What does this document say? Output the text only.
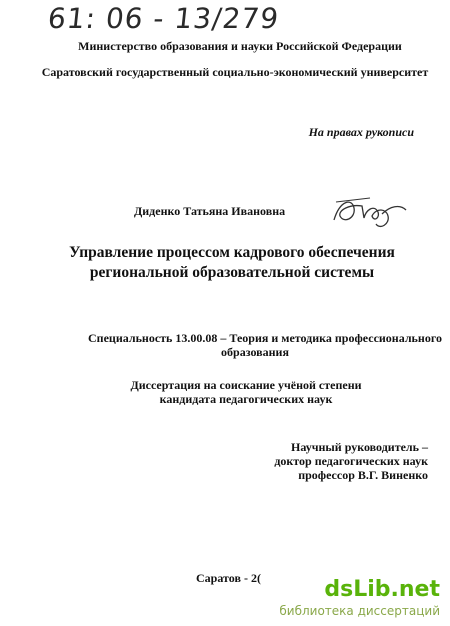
61: 06 - 13/279
Министерство образования и науки Российской Федерации
Саратовский государственный социально-экономический университет
На правах рукописи
Диденко Татьяна Ивановна
Управление процессом кадрового обеспечения
региональной образовательной системы
Специальность 13.00.08 – Теория и методика профессионального
образования
Диссертация на соискание учёной степени
кандидата педагогических наук
Научный руководитель –
доктор педагогических наук
профессор В.Г. Виненко
Саратов - 2(	dsLib.net
библиотека диссертаций
